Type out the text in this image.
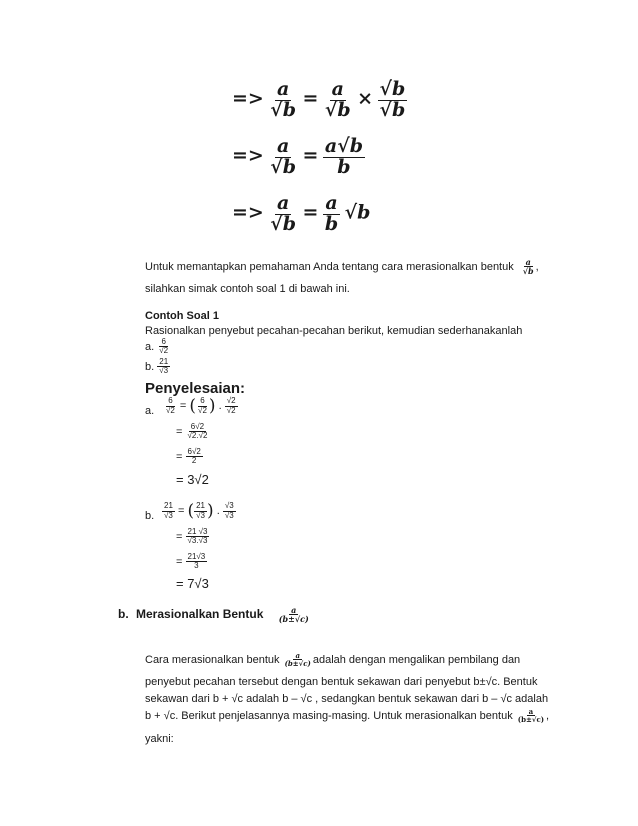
=> $\frac{a}{√b} = \frac{a}{√b} \times \frac{√b}{√b}$
=> $\frac{a}{√b} = \frac{a√b}{b}$
=> $\frac{a}{√b} = \frac{a}{b} √b$
Untuk memantapkan pemahaman Anda tentang cara merasionalkan bentuk $\frac{a}{√b}$ ,
silahkan simak contoh soal 1 di bawah ini.
Contoh Soal 1
Rasionalkan penyebut pecahan-pecahan berikut, kemudian sederhanakanlah
a. $\frac{6}{√2}$
b. $\frac{21}{√3}$
Penyelesaian:
a. $\frac{6}{√2}$ = ( $\frac{6}{√2}$ ) . $\frac{√2}{√2}$
= $\frac{6√2}{√2.√2}$
= $\frac{6√2}{2}$
= 3√2
b. $\frac{21}{√3}$ = ( $\frac{21}{√3}$ ) . $\frac{√3}{√3}$
= $\frac{21 √3}{√3.√3}$
= $\frac{21√3}{3}$
= 7√3
b. Merasionalkan Bentuk $\frac{a}{(b\pm√c)}$
Cara merasionalkan bentuk $\frac{a}{(b\pm√c)}$ adalah dengan mengalikan pembilang dan
penyebut pecahan tersebut dengan bentuk sekawan dari penyebut b±√c. Bentuk
sekawan dari b + √c adalah b – √c , sedangkan bentuk sekawan dari b – √c adalah
b + √c. Berikut penjelasannya masing-masing. Untuk merasionalkan bentuk $\frac{a}{(b\pm√c)}$ ,
yakni:
